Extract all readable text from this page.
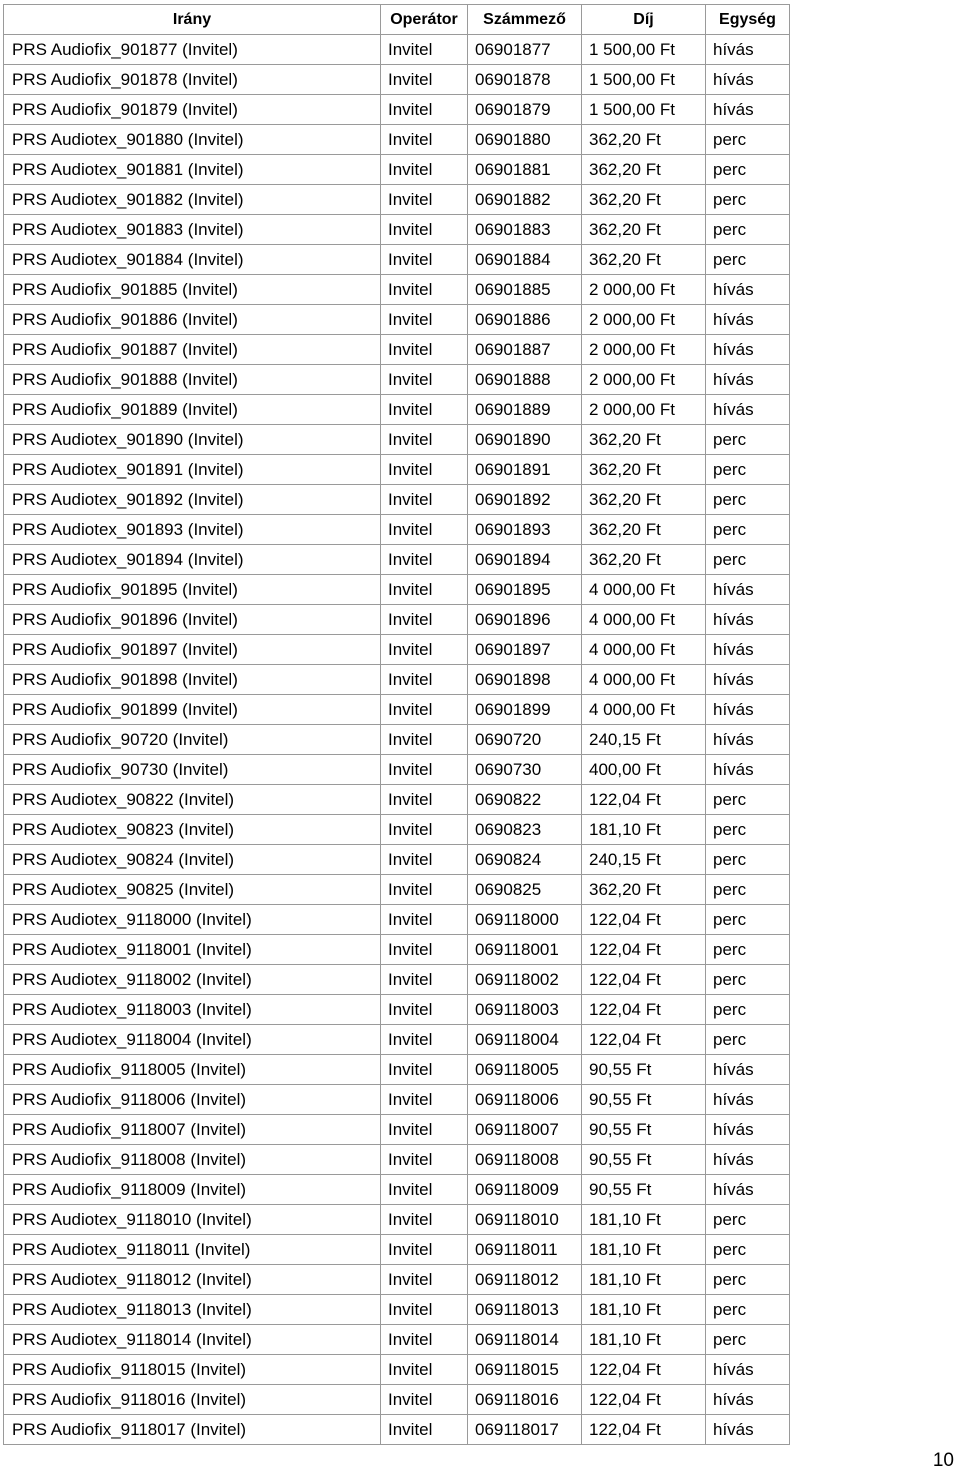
Irány	Operátor	Számmező	Díj	Egység
PRS Audiofix_901877 (Invitel)	Invitel	06901877	1 500,00 Ft	hívás
PRS Audiofix_901878 (Invitel)	Invitel	06901878	1 500,00 Ft	hívás
PRS Audiofix_901879 (Invitel)	Invitel	06901879	1 500,00 Ft	hívás
PRS Audiotex_901880 (Invitel)	Invitel	06901880	362,20 Ft	perc
PRS Audiotex_901881 (Invitel)	Invitel	06901881	362,20 Ft	perc
PRS Audiotex_901882 (Invitel)	Invitel	06901882	362,20 Ft	perc
PRS Audiotex_901883 (Invitel)	Invitel	06901883	362,20 Ft	perc
PRS Audiotex_901884 (Invitel)	Invitel	06901884	362,20 Ft	perc
PRS Audiofix_901885 (Invitel)	Invitel	06901885	2 000,00 Ft	hívás
PRS Audiofix_901886 (Invitel)	Invitel	06901886	2 000,00 Ft	hívás
PRS Audiofix_901887 (Invitel)	Invitel	06901887	2 000,00 Ft	hívás
PRS Audiofix_901888 (Invitel)	Invitel	06901888	2 000,00 Ft	hívás
PRS Audiofix_901889 (Invitel)	Invitel	06901889	2 000,00 Ft	hívás
PRS Audiotex_901890 (Invitel)	Invitel	06901890	362,20 Ft	perc
PRS Audiotex_901891 (Invitel)	Invitel	06901891	362,20 Ft	perc
PRS Audiotex_901892 (Invitel)	Invitel	06901892	362,20 Ft	perc
PRS Audiotex_901893 (Invitel)	Invitel	06901893	362,20 Ft	perc
PRS Audiotex_901894 (Invitel)	Invitel	06901894	362,20 Ft	perc
PRS Audiofix_901895 (Invitel)	Invitel	06901895	4 000,00 Ft	hívás
PRS Audiofix_901896 (Invitel)	Invitel	06901896	4 000,00 Ft	hívás
PRS Audiofix_901897 (Invitel)	Invitel	06901897	4 000,00 Ft	hívás
PRS Audiofix_901898 (Invitel)	Invitel	06901898	4 000,00 Ft	hívás
PRS Audiofix_901899 (Invitel)	Invitel	06901899	4 000,00 Ft	hívás
PRS Audiofix_90720 (Invitel)	Invitel	0690720	240,15 Ft	hívás
PRS Audiofix_90730 (Invitel)	Invitel	0690730	400,00 Ft	hívás
PRS Audiotex_90822 (Invitel)	Invitel	0690822	122,04 Ft	perc
PRS Audiotex_90823 (Invitel)	Invitel	0690823	181,10 Ft	perc
PRS Audiotex_90824 (Invitel)	Invitel	0690824	240,15 Ft	perc
PRS Audiotex_90825 (Invitel)	Invitel	0690825	362,20 Ft	perc
PRS Audiotex_9118000 (Invitel)	Invitel	069118000	122,04 Ft	perc
PRS Audiotex_9118001 (Invitel)	Invitel	069118001	122,04 Ft	perc
PRS Audiotex_9118002 (Invitel)	Invitel	069118002	122,04 Ft	perc
PRS Audiotex_9118003 (Invitel)	Invitel	069118003	122,04 Ft	perc
PRS Audiotex_9118004 (Invitel)	Invitel	069118004	122,04 Ft	perc
PRS Audiofix_9118005 (Invitel)	Invitel	069118005	90,55 Ft	hívás
PRS Audiofix_9118006 (Invitel)	Invitel	069118006	90,55 Ft	hívás
PRS Audiofix_9118007 (Invitel)	Invitel	069118007	90,55 Ft	hívás
PRS Audiofix_9118008 (Invitel)	Invitel	069118008	90,55 Ft	hívás
PRS Audiofix_9118009 (Invitel)	Invitel	069118009	90,55 Ft	hívás
PRS Audiotex_9118010 (Invitel)	Invitel	069118010	181,10 Ft	perc
PRS Audiotex_9118011 (Invitel)	Invitel	069118011	181,10 Ft	perc
PRS Audiotex_9118012 (Invitel)	Invitel	069118012	181,10 Ft	perc
PRS Audiotex_9118013 (Invitel)	Invitel	069118013	181,10 Ft	perc
PRS Audiotex_9118014 (Invitel)	Invitel	069118014	181,10 Ft	perc
PRS Audiofix_9118015 (Invitel)	Invitel	069118015	122,04 Ft	hívás
PRS Audiofix_9118016 (Invitel)	Invitel	069118016	122,04 Ft	hívás
PRS Audiofix_9118017 (Invitel)	Invitel	069118017	122,04 Ft	hívás
10
